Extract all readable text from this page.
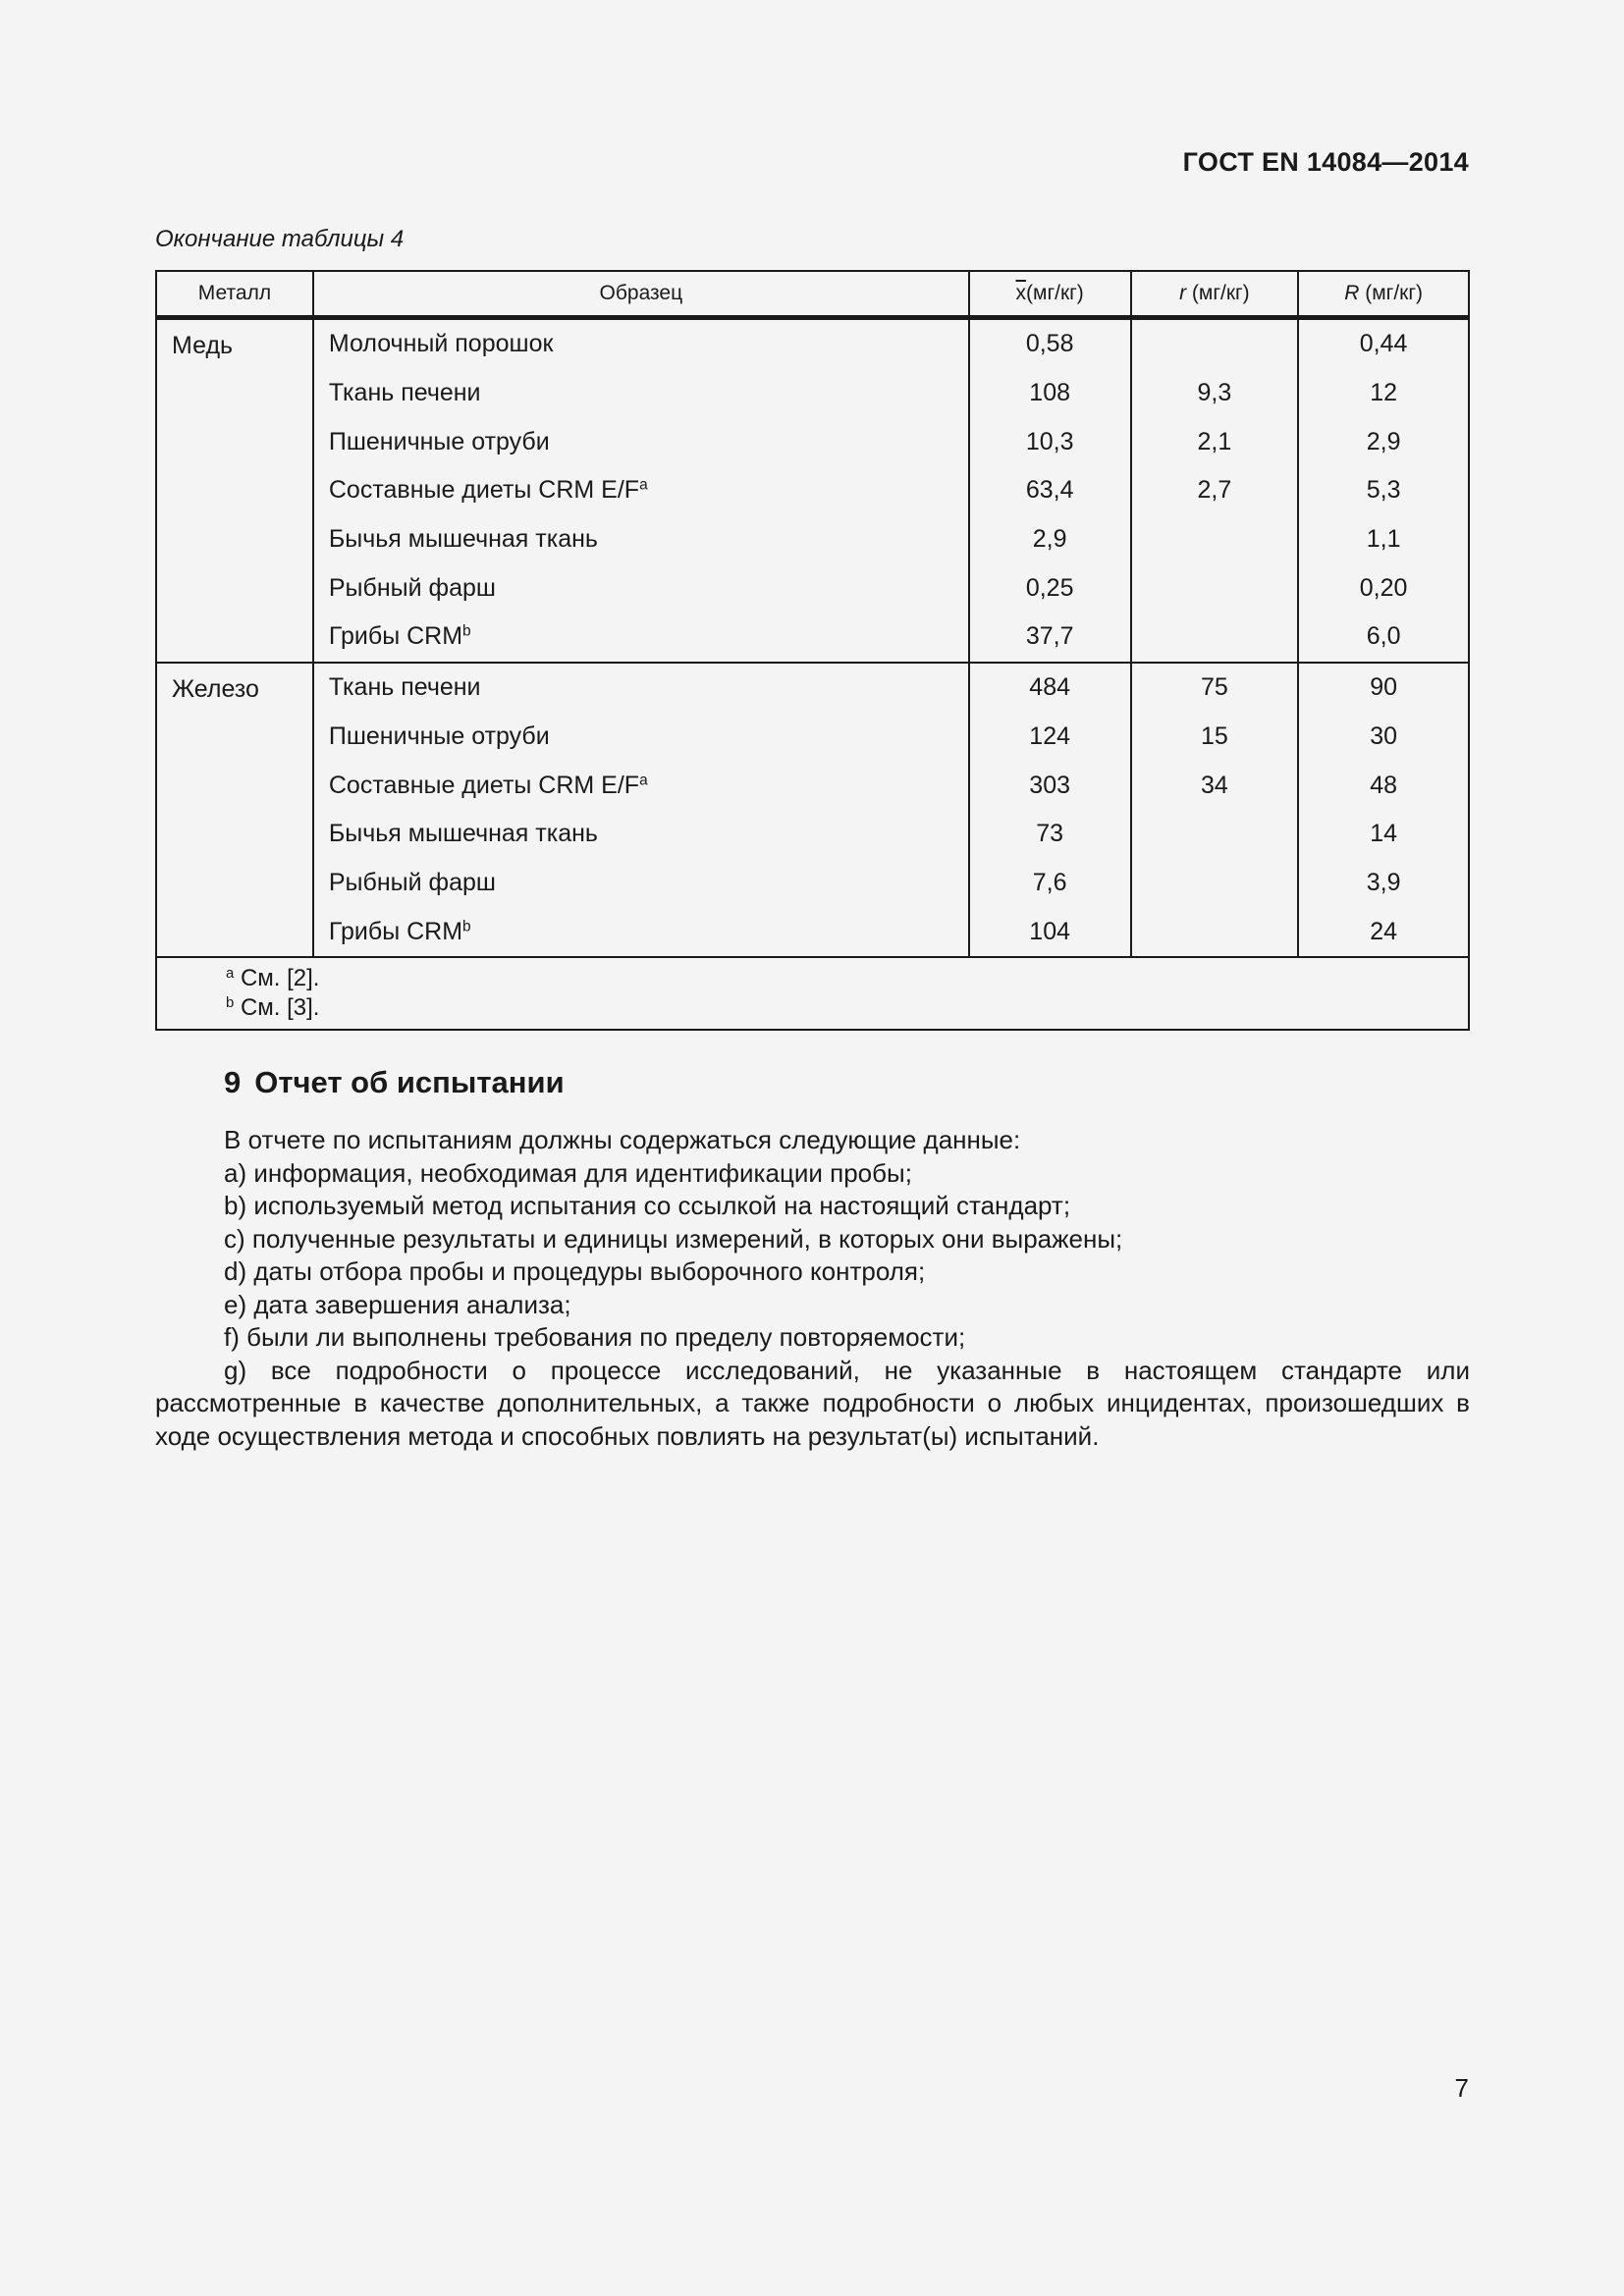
ГОСТ EN 14084—2014
Окончание таблицы 4
Металл	Образец	$\overline{x}(мг/кг)$	r (мг/кг)	R (мг/кг)
Медь	Молочный порошок	0,58		0,44
	Ткань печени	108	9,3	12
	Пшеничные отруби	10,3	2,1	2,9
	Составные диеты CRM $E/F^a$	63,4	2,7	5,3
	Бычья мышечная ткань	2,9		1,1
	Рыбный фарш	0,25		0,20
	Грибы CRM$^b$	37,7		6,0
Железо	Ткань печени	484	75	90
	Пшеничные отруби	124	15	30
	Составные диеты CRM $E/F^a$	303	34	48
	Бычья мышечная ткань	73		14
	Рыбный фарш	7,6		3,9
	Грибы CRM$^b$	104		24

$^a$ См. [2].
$^b$ См. [3].				
9 Отчет об испытании

В отчете по испытаниям должны содержаться следующие данные:

a) информация, необходимая для идентификации пробы;

b) используемый метод испытания со ссылкой на настоящий стандарт;

c) полученные результаты и единицы измерений, в которых они выражены;

d) даты отбора пробы и процедуры выборочного контроля;

e) дата завершения анализа;

f) были ли выполнены требования по пределу повторяемости;

g) все подробности о процессе исследований, не указанные в настоящем стандарте или рассмотренные в качестве дополнительных, а также подробности о любых инцидентах, произошедших в ходе осуществления метода и способных повлиять на результат(ы) испытаний.

7
